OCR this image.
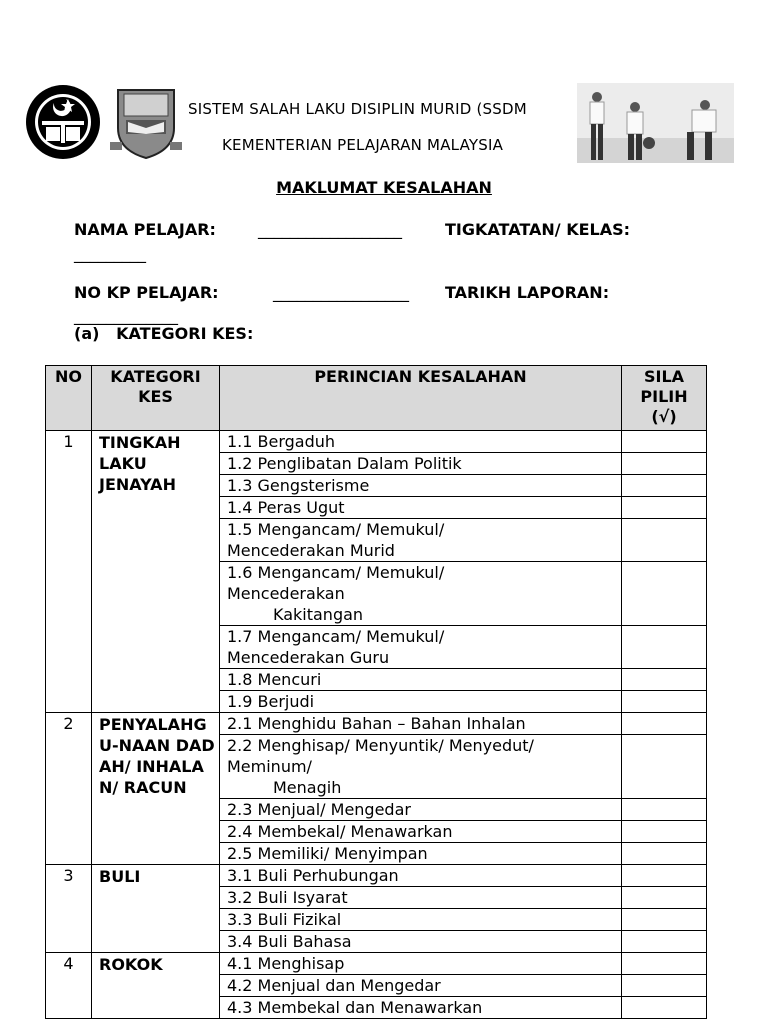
SISTEM SALAH LAKU DISIPLIN MURID (SSDM
KEMENTERIAN PELAJARAN MALAYSIA
MAKLUMAT KESALAHAN
NAMA PELAJAR:	__________________	TIGKATATAN/ KELAS:
_________
NO KP PELAJAR:	_________________ TARIKH LAPORAN:
_____________
(a)   KATEGORI KES:
NO	KATEGORI KES	PERINCIAN KESALAHAN	SILA PILIH (√)
1	TINGKAH LAKU JENAYAH	1.1 Bergaduh	
		1.2 Penglibatan Dalam Politik	
		1.3 Gengsterisme	
		1.4 Peras Ugut	
		1.5 Mengancam/ Memukul/ Mencederakan Murid	

		1.6 Mengancam/ Memukul/ Mencederakan
Kakitangan	
		1.7 Mengancam/ Memukul/ Mencederakan Guru	
		1.8 Mencuri	
		1.9 Berjudi	
2	PENYALAHGU-NAAN DADAH/ INHALAN/ RACUN	2.1 Menghidu Bahan – Bahan Inhalan	

		2.2 Menghisap/ Menyuntik/ Menyedut/ Meminum/
Menagih	
		2.3 Menjual/ Mengedar	
		2.4 Membekal/ Menawarkan	
		2.5 Memiliki/ Menyimpan	
3	BULI	3.1 Buli Perhubungan	
		3.2 Buli Isyarat	
		3.3 Buli Fizikal	
		3.4 Buli Bahasa	
4	ROKOK	4.1 Menghisap	
		4.2 Menjual dan Mengedar	
		4.3 Membekal dan Menawarkan	
